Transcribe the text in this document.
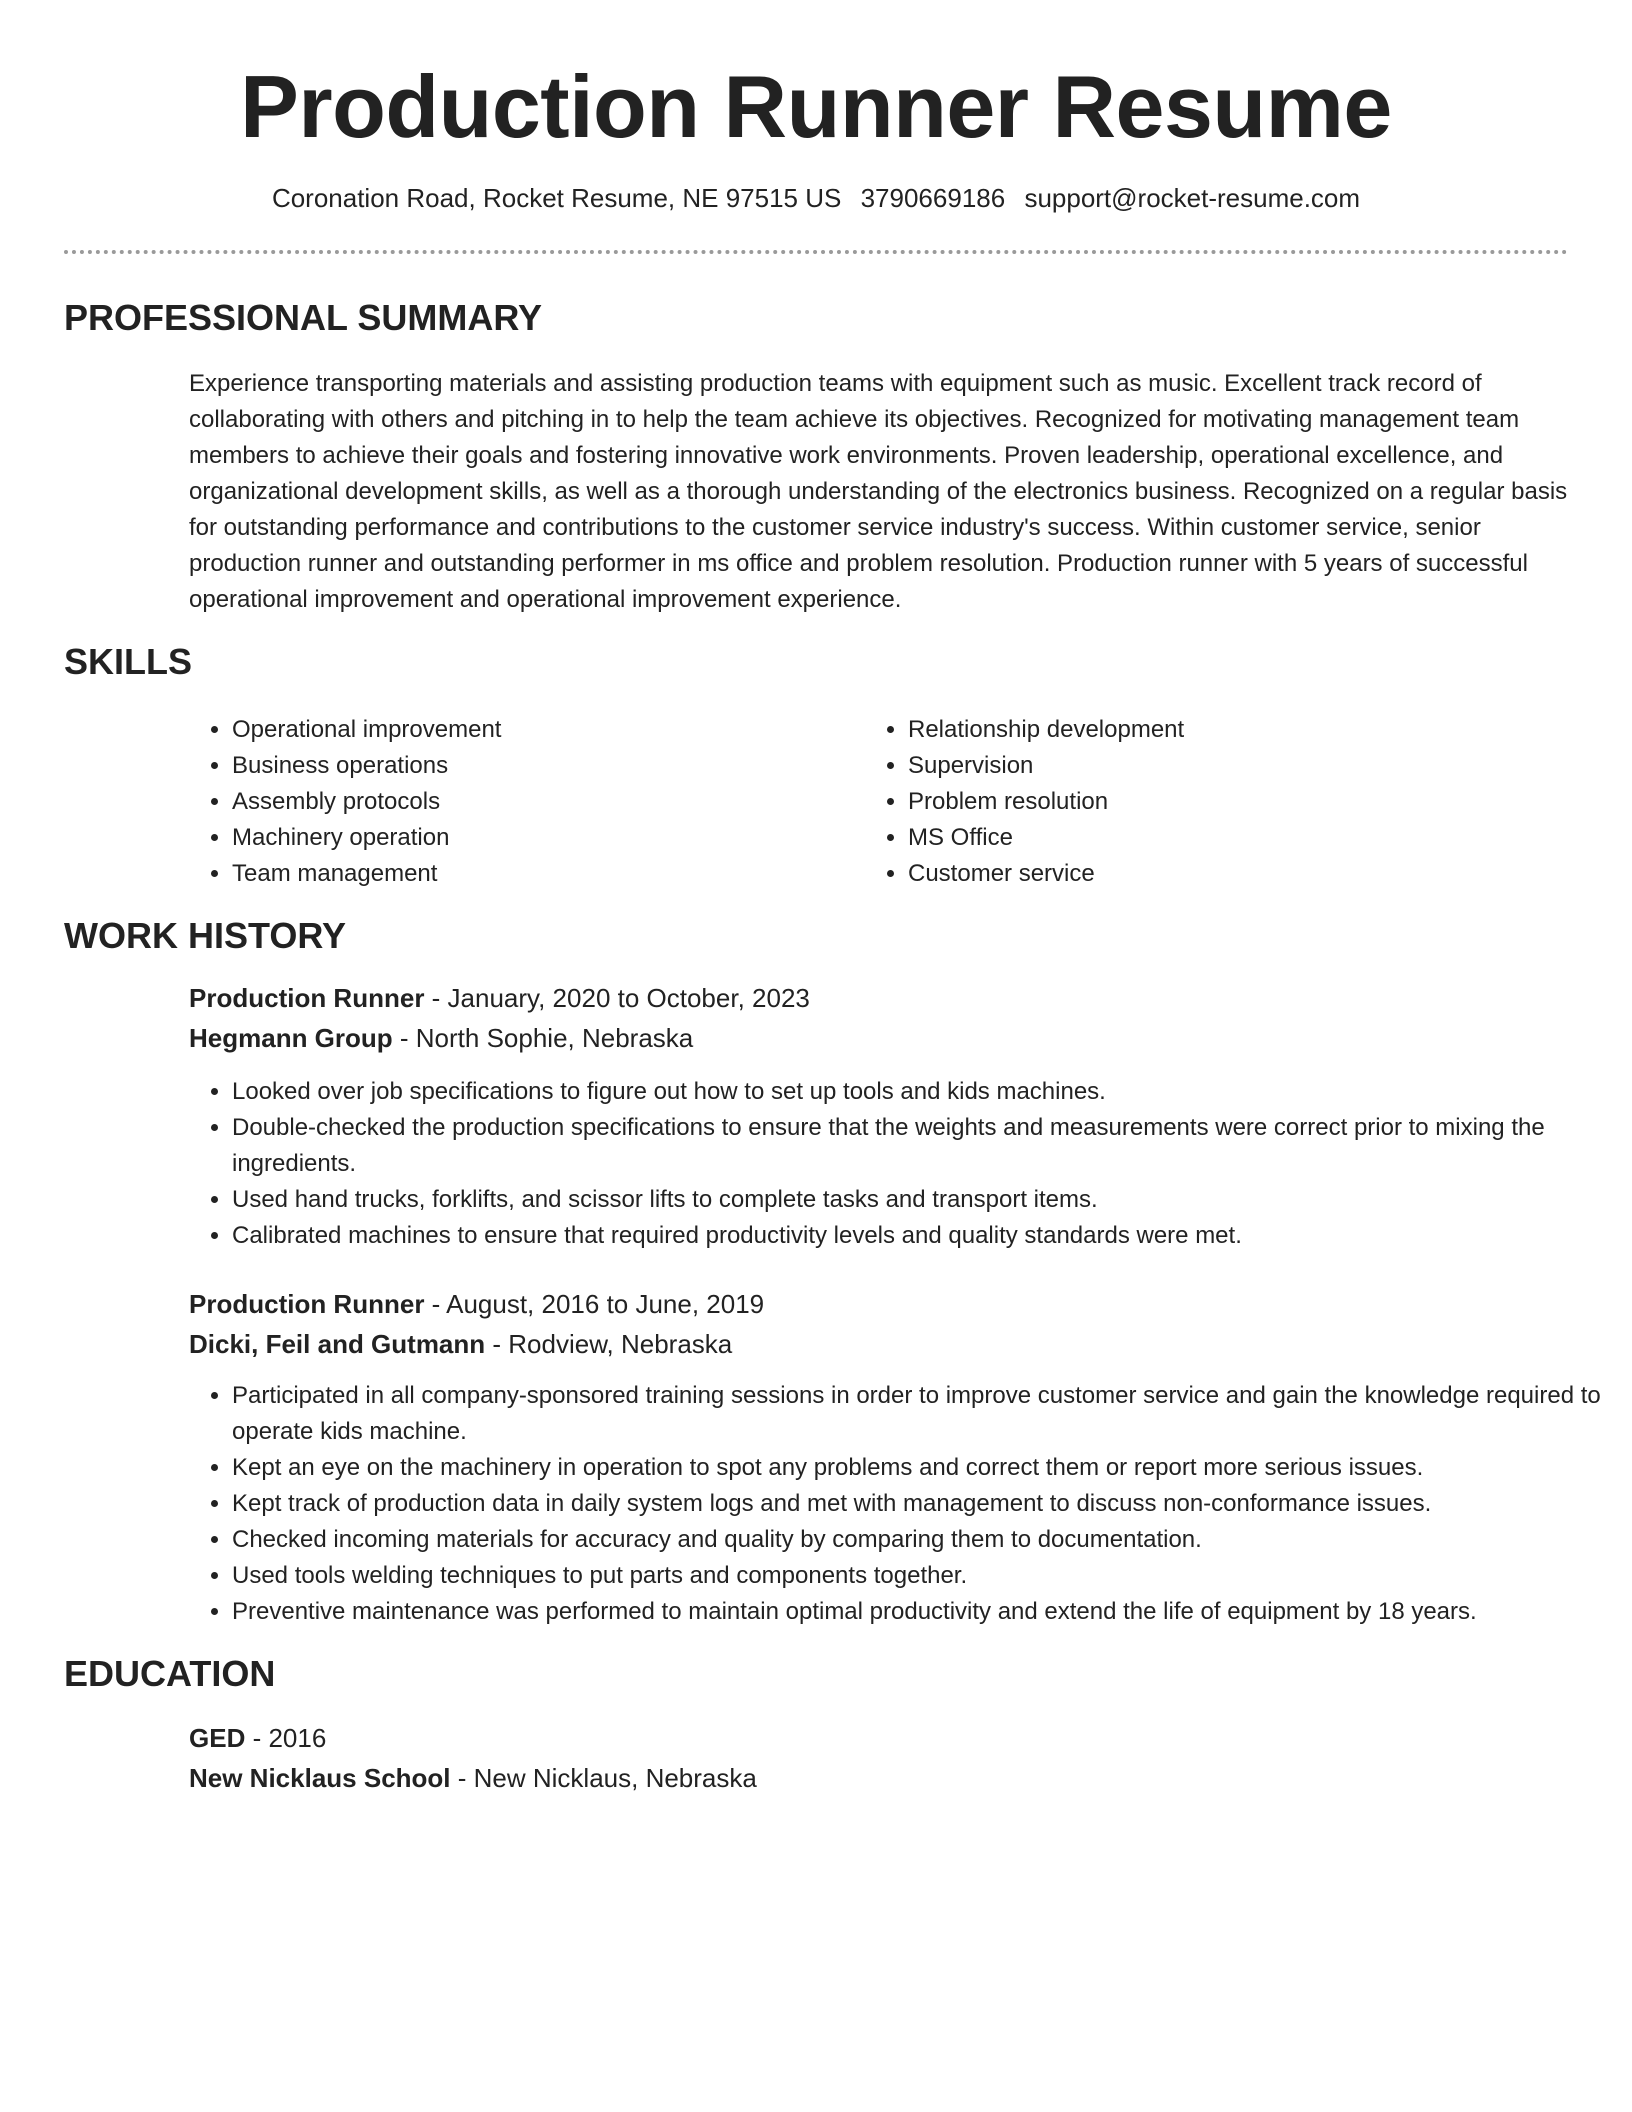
Production Runner Resume
Coronation Road, Rocket Resume, NE 97515 US 3790669186 support@rocket-resume.com
PROFESSIONAL SUMMARY

Experience transporting materials and assisting production teams with equipment such as music. Excellent track record of collaborating with others and pitching in to help the team achieve its objectives. Recognized for motivating management team members to achieve their goals and fostering innovative work environments. Proven leadership, operational excellence, and organizational development skills, as well as a thorough understanding of the electronics business. Recognized on a regular basis for outstanding performance and contributions to the customer service industry's success. Within customer service, senior production runner and outstanding performer in ms office and problem resolution. Production runner with 5 years of successful operational improvement and operational improvement experience.

SKILLS
• Operational improvement
• Business operations
• Assembly protocols
• Machinery operation
• Team management
• Relationship development
• Supervision
• Problem resolution
• MS Office
• Customer service
WORK HISTORY
Production Runner - January, 2020 to October, 2023
Hegmann Group - North Sophie, Nebraska
• Looked over job specifications to figure out how to set up tools and kids machines.
• Double-checked the production specifications to ensure that the weights and measurements were correct prior to mixing the ingredients.
• Used hand trucks, forklifts, and scissor lifts to complete tasks and transport items.
• Calibrated machines to ensure that required productivity levels and quality standards were met.
Production Runner - August, 2016 to June, 2019
Dicki, Feil and Gutmann - Rodview, Nebraska
• Participated in all company-sponsored training sessions in order to improve customer service and gain the knowledge required to operate kids machine.
• Kept an eye on the machinery in operation to spot any problems and correct them or report more serious issues.
• Kept track of production data in daily system logs and met with management to discuss non-conformance issues.
• Checked incoming materials for accuracy and quality by comparing them to documentation.
• Used tools welding techniques to put parts and components together.
• Preventive maintenance was performed to maintain optimal productivity and extend the life of equipment by 18 years.
EDUCATION
GED - 2016
New Nicklaus School - New Nicklaus, Nebraska
